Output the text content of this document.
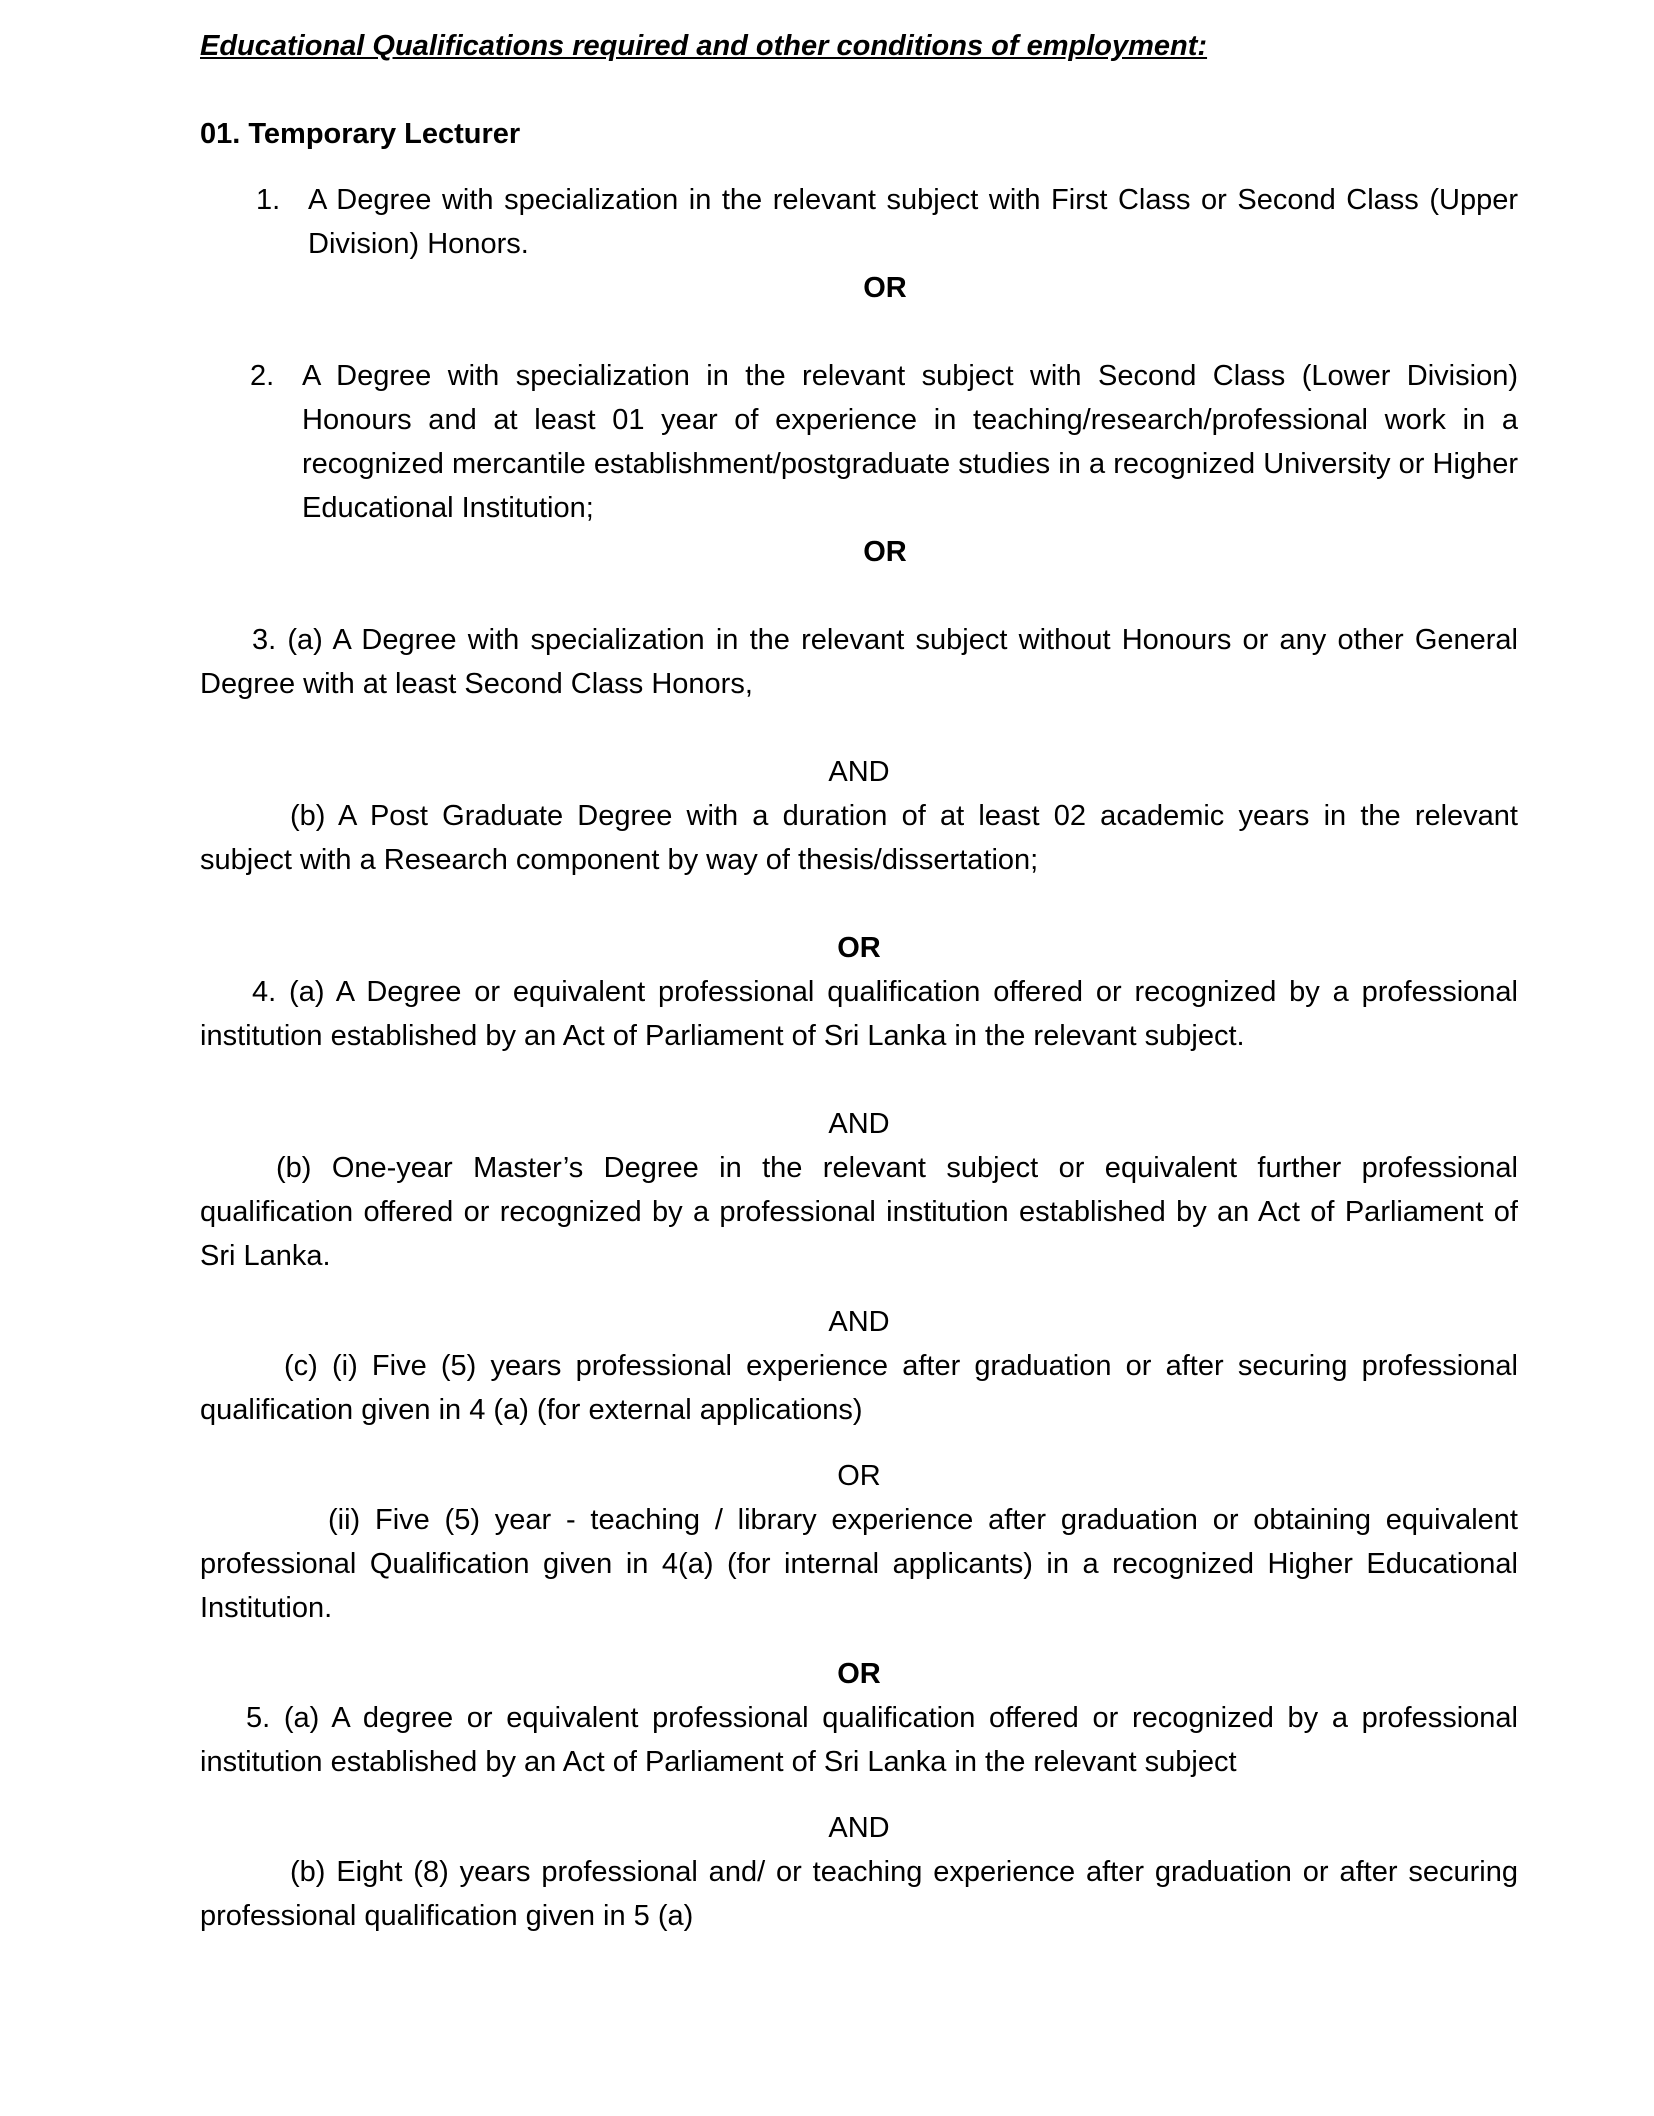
Educational Qualifications required and other conditions of employment:

01. Temporary Lecturer

1. A Degree with specialization in the relevant subject with First Class or Second Class (Upper Division) Honors.

OR

2. A Degree with specialization in the relevant subject with Second Class (Lower Division) Honours and at least 01 year of experience in teaching/research/professional work in a recognized mercantile establishment/postgraduate studies in a recognized University or Higher Educational Institution;

OR

3. (a) A Degree with specialization in the relevant subject without Honours or any other General Degree with at least Second Class Honors,

AND

(b) A Post Graduate Degree with a duration of at least 02 academic years in the relevant subject with a Research component by way of thesis/dissertation;

OR

4. (a) A Degree or equivalent professional qualification offered or recognized by a professional institution established by an Act of Parliament of Sri Lanka in the relevant subject.

AND

(b) One-year Master’s Degree in the relevant subject or equivalent further professional qualification offered or recognized by a professional institution established by an Act of Parliament of Sri Lanka.

AND

(c) (i) Five (5) years professional experience after graduation or after securing professional qualification given in 4 (a) (for external applications)

OR

(ii) Five (5) year - teaching / library experience after graduation or obtaining equivalent professional Qualification given in 4(a) (for internal applicants) in a recognized Higher Educational Institution.

OR

5. (a) A degree or equivalent professional qualification offered or recognized by a professional institution established by an Act of Parliament of Sri Lanka in the relevant subject

AND

(b) Eight (8) years professional and/ or teaching experience after graduation or after securing professional qualification given in 5 (a)
